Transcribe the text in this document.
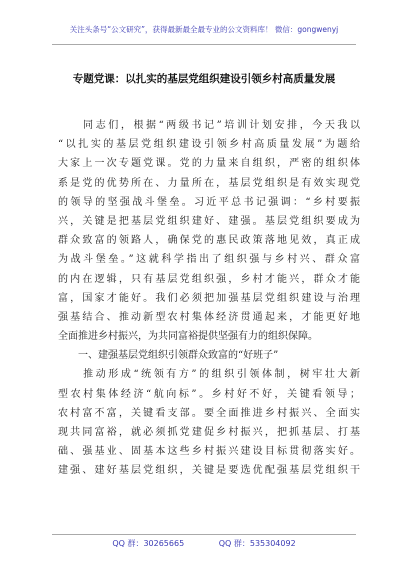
关注头条号“公文研究”，获得最新最全最专业的公文资料库！ 微信：gongwenyj
专题党课：以扎实的基层党组织建设引领乡村高质量发展
　　同志们，根据“两级书记”培训计划安排，今天我以
“以扎实的基层党组织建设引领乡村高质量发展”为题给
大家上一次专题党课。党的力量来自组织，严密的组织体
系是党的优势所在、力量所在，基层党组织是有效实现党
的领导的坚强战斗堡垒。习近平总书记强调：“乡村要振
兴，关键是把基层党组织建好、建强。基层党组织要成为
群众致富的领路人，确保党的惠民政策落地见效，真正成
为战斗堡垒。”这就科学指出了组织强与乡村兴、群众富
的内在逻辑，只有基层党组织强，乡村才能兴，群众才能
富，国家才能好。我们必须把加强基层党组织建设与治理
强基结合、推动新型农村集体经济贯通起来，才能更好地
全面推进乡村振兴，为共同富裕提供坚强有力的组织保障。
　　一、建强基层党组织引领群众致富的“好班子”
　　推动形成“统领有方”的组织引领体制，树牢壮大新
型农村集体经济“航向标”。乡村好不好，关键看领导；
农村富不富，关键看支部。要全面推进乡村振兴、全面实
现共同富裕，就必须抓党建促乡村振兴，把抓基层、打基
础、强基业、固基本这些乡村振兴建设目标贯彻落实好。
建强、建好基层党组织，关键是要选优配强基层党组织干
QQ 群：30265665	QQ 群：535304092
